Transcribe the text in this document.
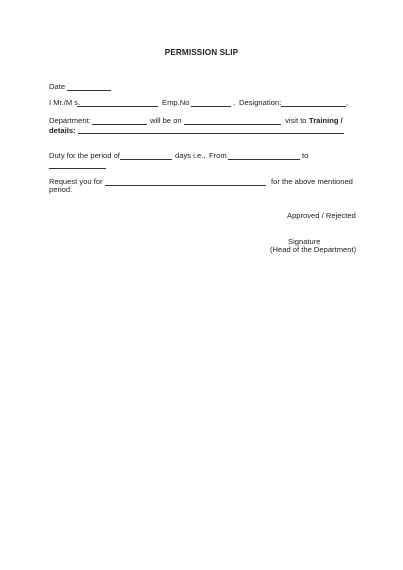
PERMISSION SLIP
Date
I Mr./M s.	Emp.No	, Designation:	,
Department:	will be on	visit to Training /
details:
Duty for the period of	days i.e., From	to
Request you for	for the above mentioned
period.
Approved / Rejected
Signature
(Head of the Department)
